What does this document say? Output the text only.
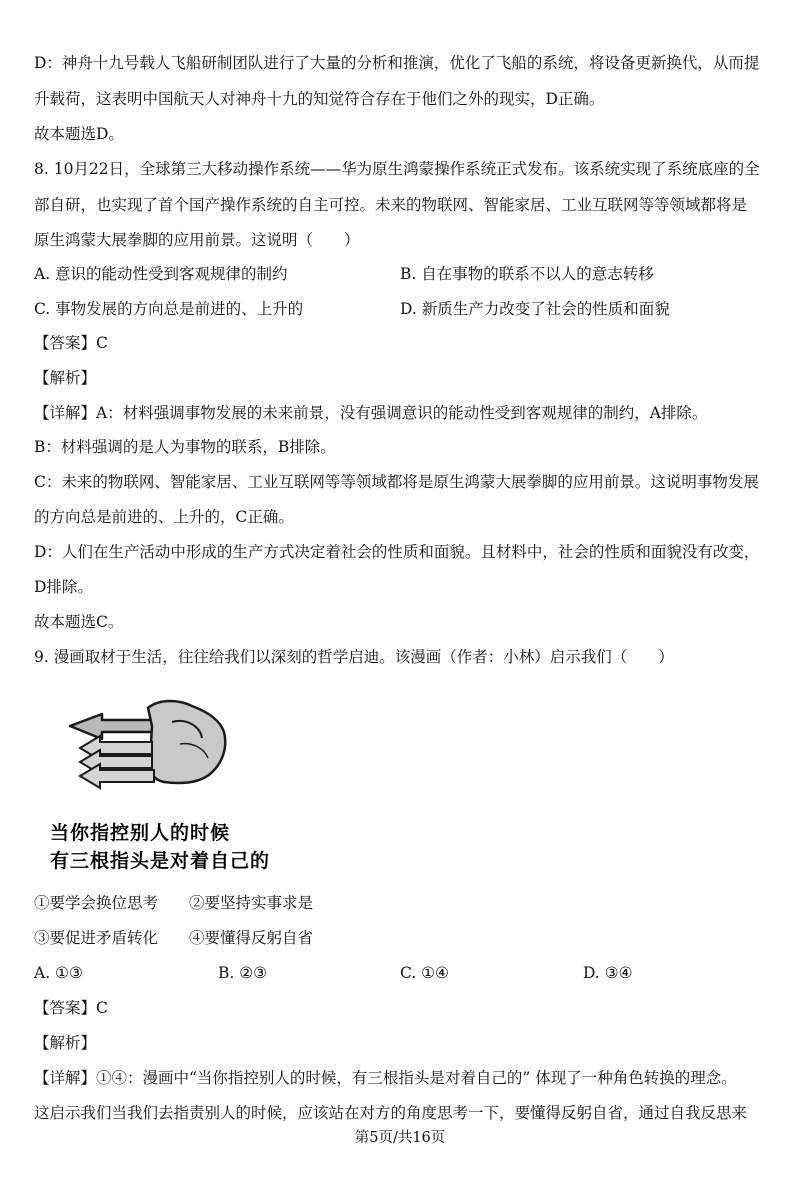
D：神舟十九号载人飞船研制团队进行了大量的分析和推演，优化了飞船的系统，将设备更新换代，从而提
升载荷，这表明中国航天人对神舟十九的知觉符合存在于他们之外的现实，D正确。
故本题选D。
8. 10月22日，全球第三大移动操作系统——华为原生鸿蒙操作系统正式发布。该系统实现了系统底座的全
部自研，也实现了首个国产操作系统的自主可控。未来的物联网、智能家居、工业互联网等等领域都将是
原生鸿蒙大展拳脚的应用前景。这说明（　　）
A. 意识的能动性受到客观规律的制约	B. 自在事物的联系不以人的意志转移
C. 事物发展的方向总是前进的、上升的	D. 新质生产力改变了社会的性质和面貌
【答案】C
【解析】
【详解】A：材料强调事物发展的未来前景，没有强调意识的能动性受到客观规律的制约，A排除。
B：材料强调的是人为事物的联系，B排除。
C：未来的物联网、智能家居、工业互联网等等领域都将是原生鸿蒙大展拳脚的应用前景。这说明事物发展
的方向总是前进的、上升的，C正确。
D：人们在生产活动中形成的生产方式决定着社会的性质和面貌。且材料中，社会的性质和面貌没有改变，
D排除。
故本题选C。
9. 漫画取材于生活，往往给我们以深刻的哲学启迪。该漫画（作者：小林）启示我们（　　）
当你指控别人的时候
有三根指头是对着自己的
①要学会换位思考　　②要坚持实事求是
③要促进矛盾转化　　④要懂得反躬自省
A. ①③	B. ②③	C. ①④	D. ③④
【答案】C
【解析】
【详解】①④：漫画中“当你指控别人的时候，有三根指头是对着自己的” 体现了一种角色转换的理念。
这启示我们当我们去指责别人的时候，应该站在对方的角度思考一下，要懂得反躬自省，通过自我反思来
第5页/共16页
